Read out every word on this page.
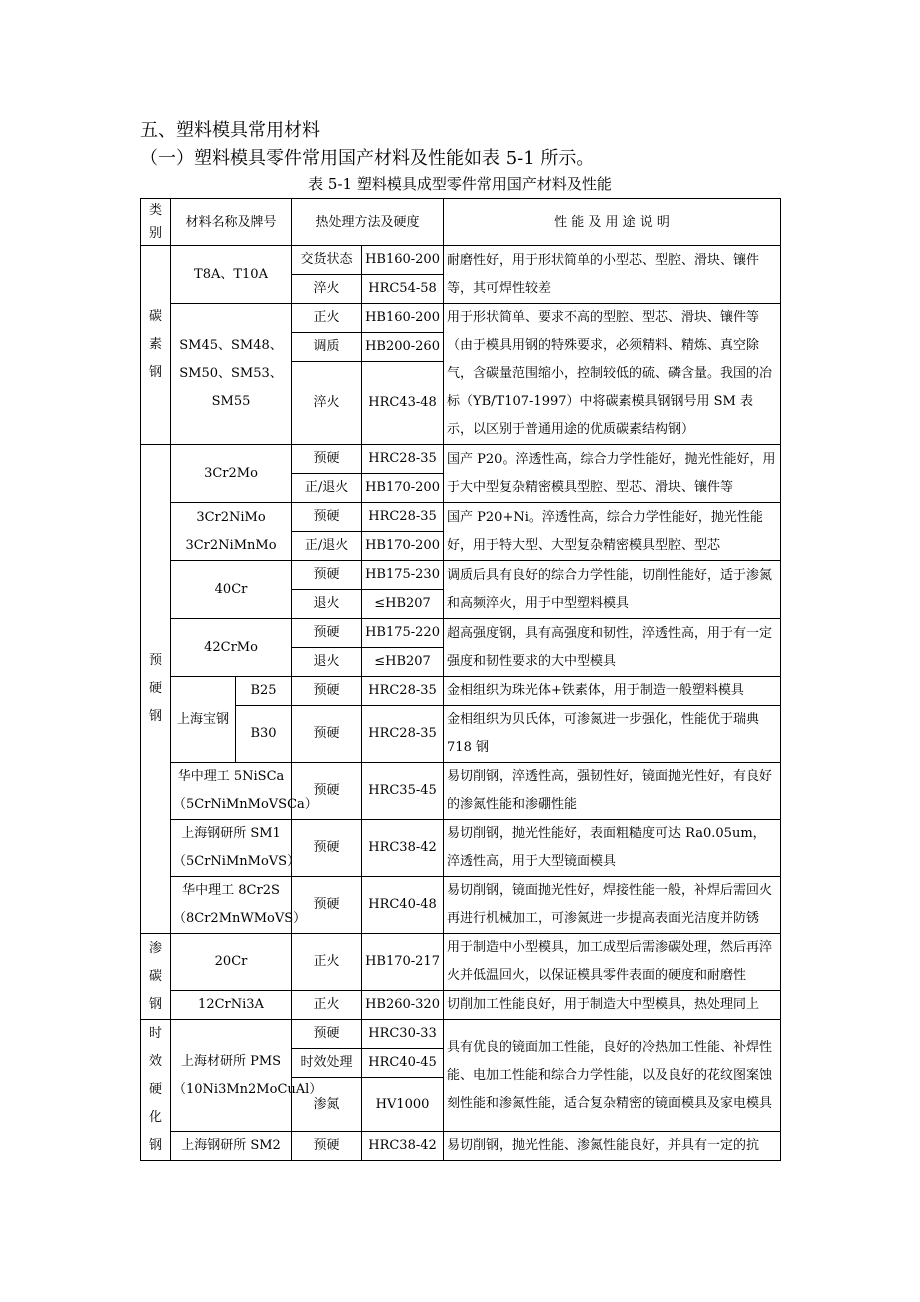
五、塑料模具常用材料
（一）塑料模具零件常用国产材料及性能如表 5-1 所示。
表 5-1 塑料模具成型零件常用国产材料及性能
类别	材料名称及牌号		热处理方法及硬度		性 能 及 用 途 说 明
碳素钢	T8A、T10A		交货状态	HB160-200	耐磨性好，用于形状简单的小型芯、型腔、滑块、镶件等，其可焊性较差
			淬火	HRC54-58	
	SM45、SM48、SM50、SM53、SM55		正火	HB160-200	用于形状简单、要求不高的型腔、型芯、滑块、镶件等（由于模具用钢的特殊要求，必须精料、精炼、真空除气，含碳量范围缩小，控制较低的硫、磷含量。我国的冶标（YB/T107-1997）中将碳素模具钢钢号用 SM 表示，以区别于普通用途的优质碳素结构钢）
			调质	HB200-260	
			淬火	HRC43-48	

预硬钢	3Cr2Mo		预硬	HRC28-35	国产 P20。淬透性高，综合力学性能好，抛光性能好，用于大中型复杂精密模具型腔、型芯、滑块、镶件等
			正/退火	HB170-200	
	3Cr2NiMo 3Cr2NiMnMo		预硬	HRC28-35	国产 P20+Ni。淬透性高，综合力学性能好，抛光性能好，用于特大型、大型复杂精密模具型腔、型芯
			正/退火	HB170-200	
	40Cr		预硬	HB175-230	调质后具有良好的综合力学性能，切削性能好，适于渗氮和高频淬火，用于中型塑料模具
			退火	≤HB207	
	42CrMo		预硬	HB175-220	超高强度钢，具有高强度和韧性，淬透性高，用于有一定强度和韧性要求的大中型模具
			退火	≤HB207	
	上海宝钢	B25	预硬	HRC28-35	金相组织为珠光体+铁素体，用于制造一般塑料模具
		B30	预硬	HRC28-35	金相组织为贝氏体，可渗氮进一步强化，性能优于瑞典 718 钢

	华中理工 5NiSCa（5CrNiMnMoVSCa）		预硬	HRC35-45	易切削钢，淬透性高，强韧性好，镜面抛光性好，有良好的渗氮性能和渗硼性能

	上海钢研所 SM1（5CrNiMnMoVS）		预硬	HRC38-42	易切削钢，抛光性能好，表面粗糙度可达 Ra0.05um，淬透性高，用于大型镜面模具

	华中理工 8Cr2S（8Cr2MnWMoVS）		预硬	HRC40-48	易切削钢，镜面抛光性好，焊接性能一般，补焊后需回火再进行机械加工，可渗氮进一步提高表面光洁度并防锈

渗碳钢	20Cr		正火	HB170-217	用于制造中小型模具，加工成型后需渗碳处理，然后再淬火并低温回火，以保证模具零件表面的硬度和耐磨性

	12CrNi3A		正火	HB260-320	切削加工性能良好，用于制造大中型模具，热处理同上
时效硬化钢	上海材研所 PMS（10Ni3Mn2MoCuAl）		预硬	HRC30-33	具有优良的镜面加工性能，良好的冷热加工性能、补焊性能、电加工性能和综合力学性能，以及良好的花纹图案蚀刻性能和渗氮性能，适合复杂精密的镜面模具及家电模具
			时效处理	HRC40-45	
			渗氮	HV1000	

	上海钢研所 SM2		预硬	HRC38-42	易切削钢，抛光性能、渗氮性能良好，并具有一定的抗
